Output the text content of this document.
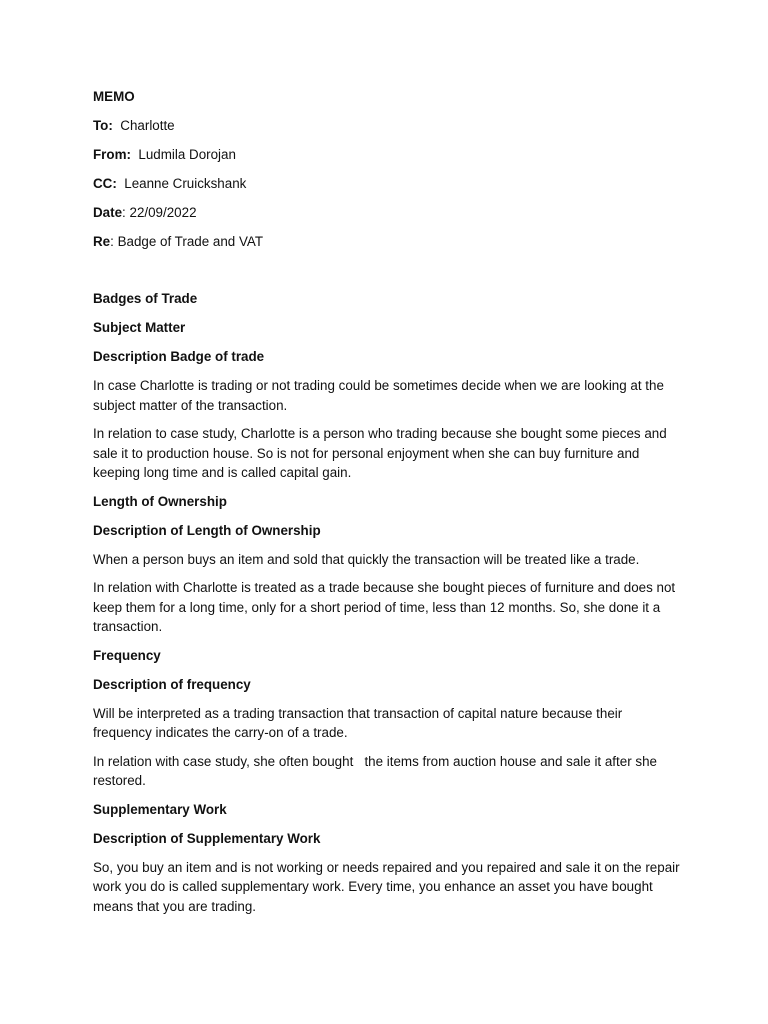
MEMO
To: Charlotte
From: Ludmila Dorojan
CC: Leanne Cruickshank
Date: 22/09/2022
Re: Badge of Trade and VAT
Badges of Trade
Subject Matter
Description Badge of trade

In case Charlotte is trading or not trading could be sometimes decide when we are looking at the subject matter of the transaction.

In relation to case study, Charlotte is a person who trading because she bought some pieces and sale it to production house. So is not for personal enjoyment when she can buy furniture and keeping long time and is called capital gain.

Length of Ownership
Description of Length of Ownership

When a person buys an item and sold that quickly the transaction will be treated like a trade.

In relation with Charlotte is treated as a trade because she bought pieces of furniture and does not keep them for a long time, only for a short period of time, less than 12 months. So, she done it a transaction.

Frequency
Description of frequency

Will be interpreted as a trading transaction that transaction of capital nature because their frequency indicates the carry-on of a trade.

In relation with case study, she often bought   the items from auction house and sale it after she restored.

Supplementary Work
Description of Supplementary Work

So, you buy an item and is not working or needs repaired and you repaired and sale it on the repair work you do is called supplementary work. Every time, you enhance an asset you have bought means that you are trading.
